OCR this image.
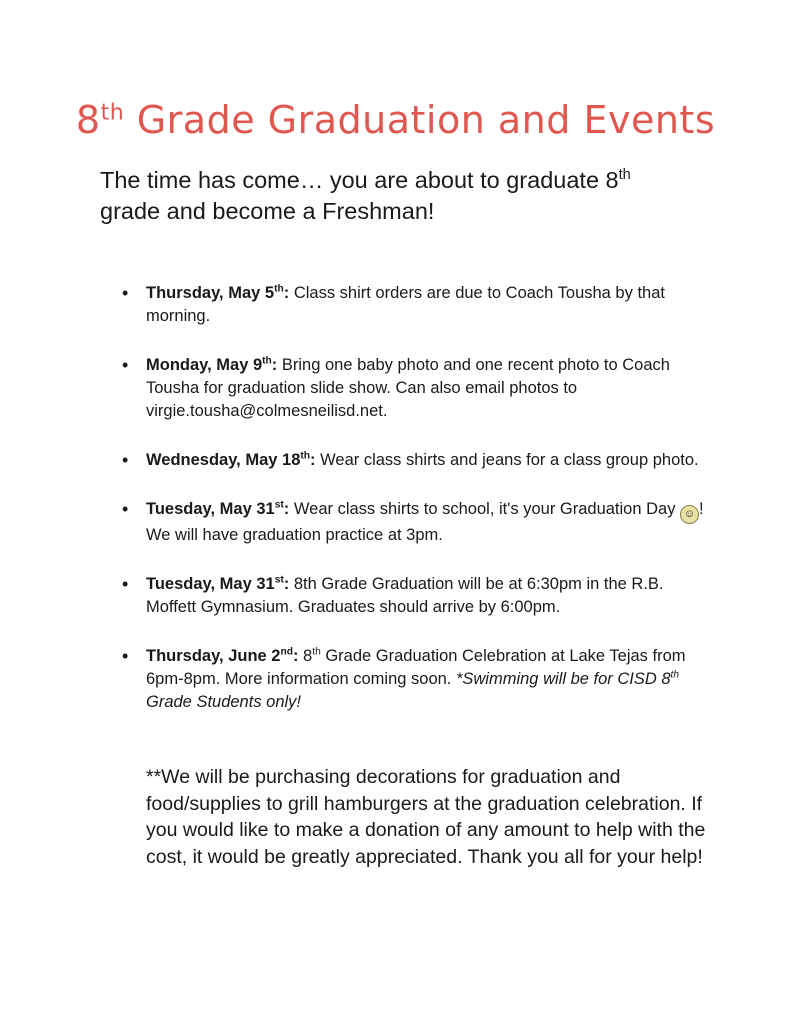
8th Grade Graduation and Events
The time has come… you are about to graduate 8th
grade and become a Freshman!
• Thursday, May 5th: Class shirt orders are due to Coach Tousha by that morning.
• Monday, May 9th: Bring one baby photo and one recent photo to Coach Tousha for graduation slide show. Can also email photos to virgie.tousha@colmesneilisd.net.
• Wednesday, May 18th: Wear class shirts and jeans for a class group photo.
• Tuesday, May 31st: Wear class shirts to school, it's your Graduation Day ☺ ! We will have graduation practice at 3pm.
• Tuesday, May 31st: 8th Grade Graduation will be at 6:30pm in the R.B. Moffett Gymnasium. Graduates should arrive by 6:00pm.
• Thursday, June 2nd: 8th Grade Graduation Celebration at Lake Tejas from 6pm-8pm. More information coming soon. *Swimming will be for CISD 8th Grade Students only!
**We will be purchasing decorations for graduation and food/supplies to grill hamburgers at the graduation celebration. If you would like to make a donation of any amount to help with the cost, it would be greatly appreciated. Thank you all for your help!
